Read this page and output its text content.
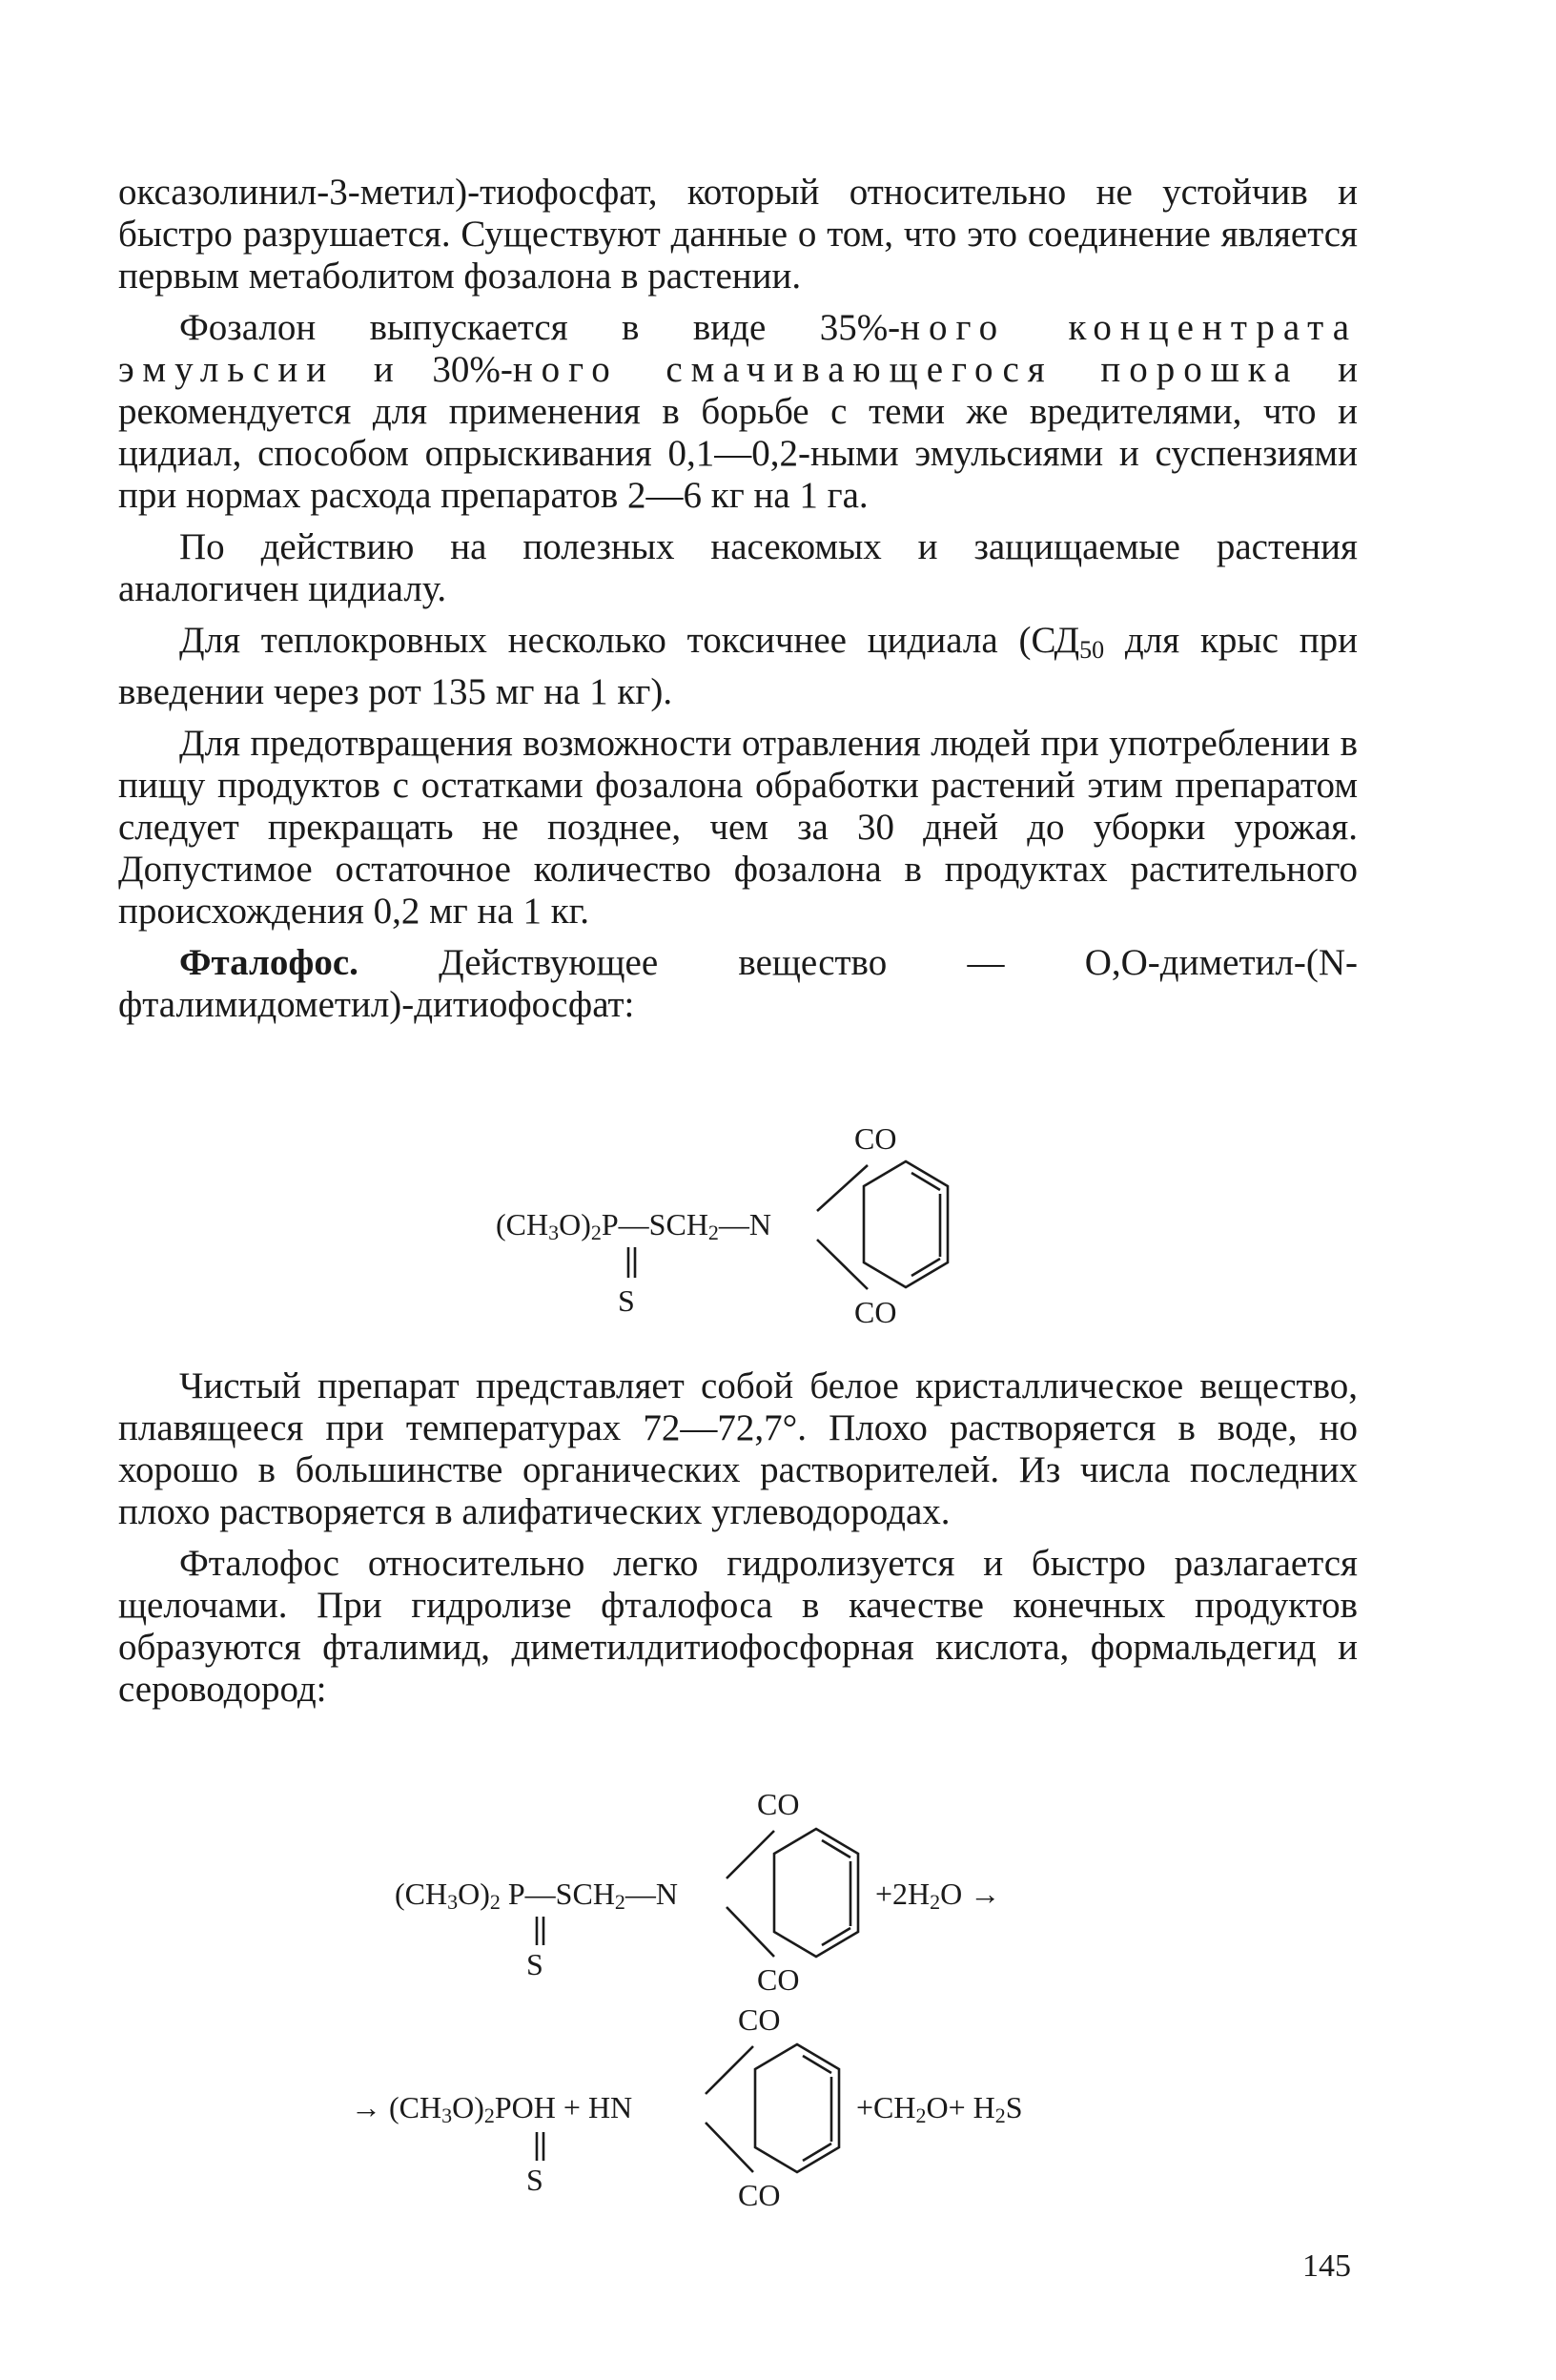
оксазолинил-3-метил)-тиофосфат, который относительно не устойчив и быстро разрушается. Существуют данные о том, что это соединение является первым метаболитом фозалона в растении.

Фозалон выпускается в виде 35%-ного концентрата эмульсии и 30%-ного смачивающегося порошка и рекомендуется для применения в борьбе с теми же вредителями, что и цидиал, способом опрыскивания 0,1—0,2-ными эмульсиями и суспензиями при нормах расхода препаратов 2—6 кг на 1 га.

По действию на полезных насекомых и защищаемые растения аналогичен цидиалу.

Для теплокровных несколько токсичнее цидиала ($СД_{50}$ для крыс при введении через рот 135 мг на 1 кг).

Для предотвращения возможности отравления людей при употреблении в пищу продуктов с остатками фозалона обработки растений этим препаратом следует прекращать не позднее, чем за 30 дней до уборки урожая. Допустимое остаточное количество фозалона в продуктах растительного происхождения 0,2 мг на 1 кг.

Фталофос. Действующее вещество — О,О-диметил-(N-фталимидометил)-дитиофосфат:

CO
(CH3O)2P—SCH2—N
S	CO

Чистый препарат представляет собой белое кристаллическое вещество, плавящееся при температурах 72—72,7°. Плохо растворяется в воде, но хорошо в большинстве органических растворителей. Из числа последних плохо растворяется в алифатических углеводородах.

Фталофос относительно легко гидролизуется и быстро разлагается щелочами. При гидролизе фталофоса в качестве конечных продуктов образуются фталимид, диметилдитиофосфорная кислота, формальдегид и сероводород:

CO
(CH3O)2 P—SCH2—N
S	CO
+2H2O →
CO
→ (CH3O)2POH + HN
S	CO
+CH2O+ H2S
145
